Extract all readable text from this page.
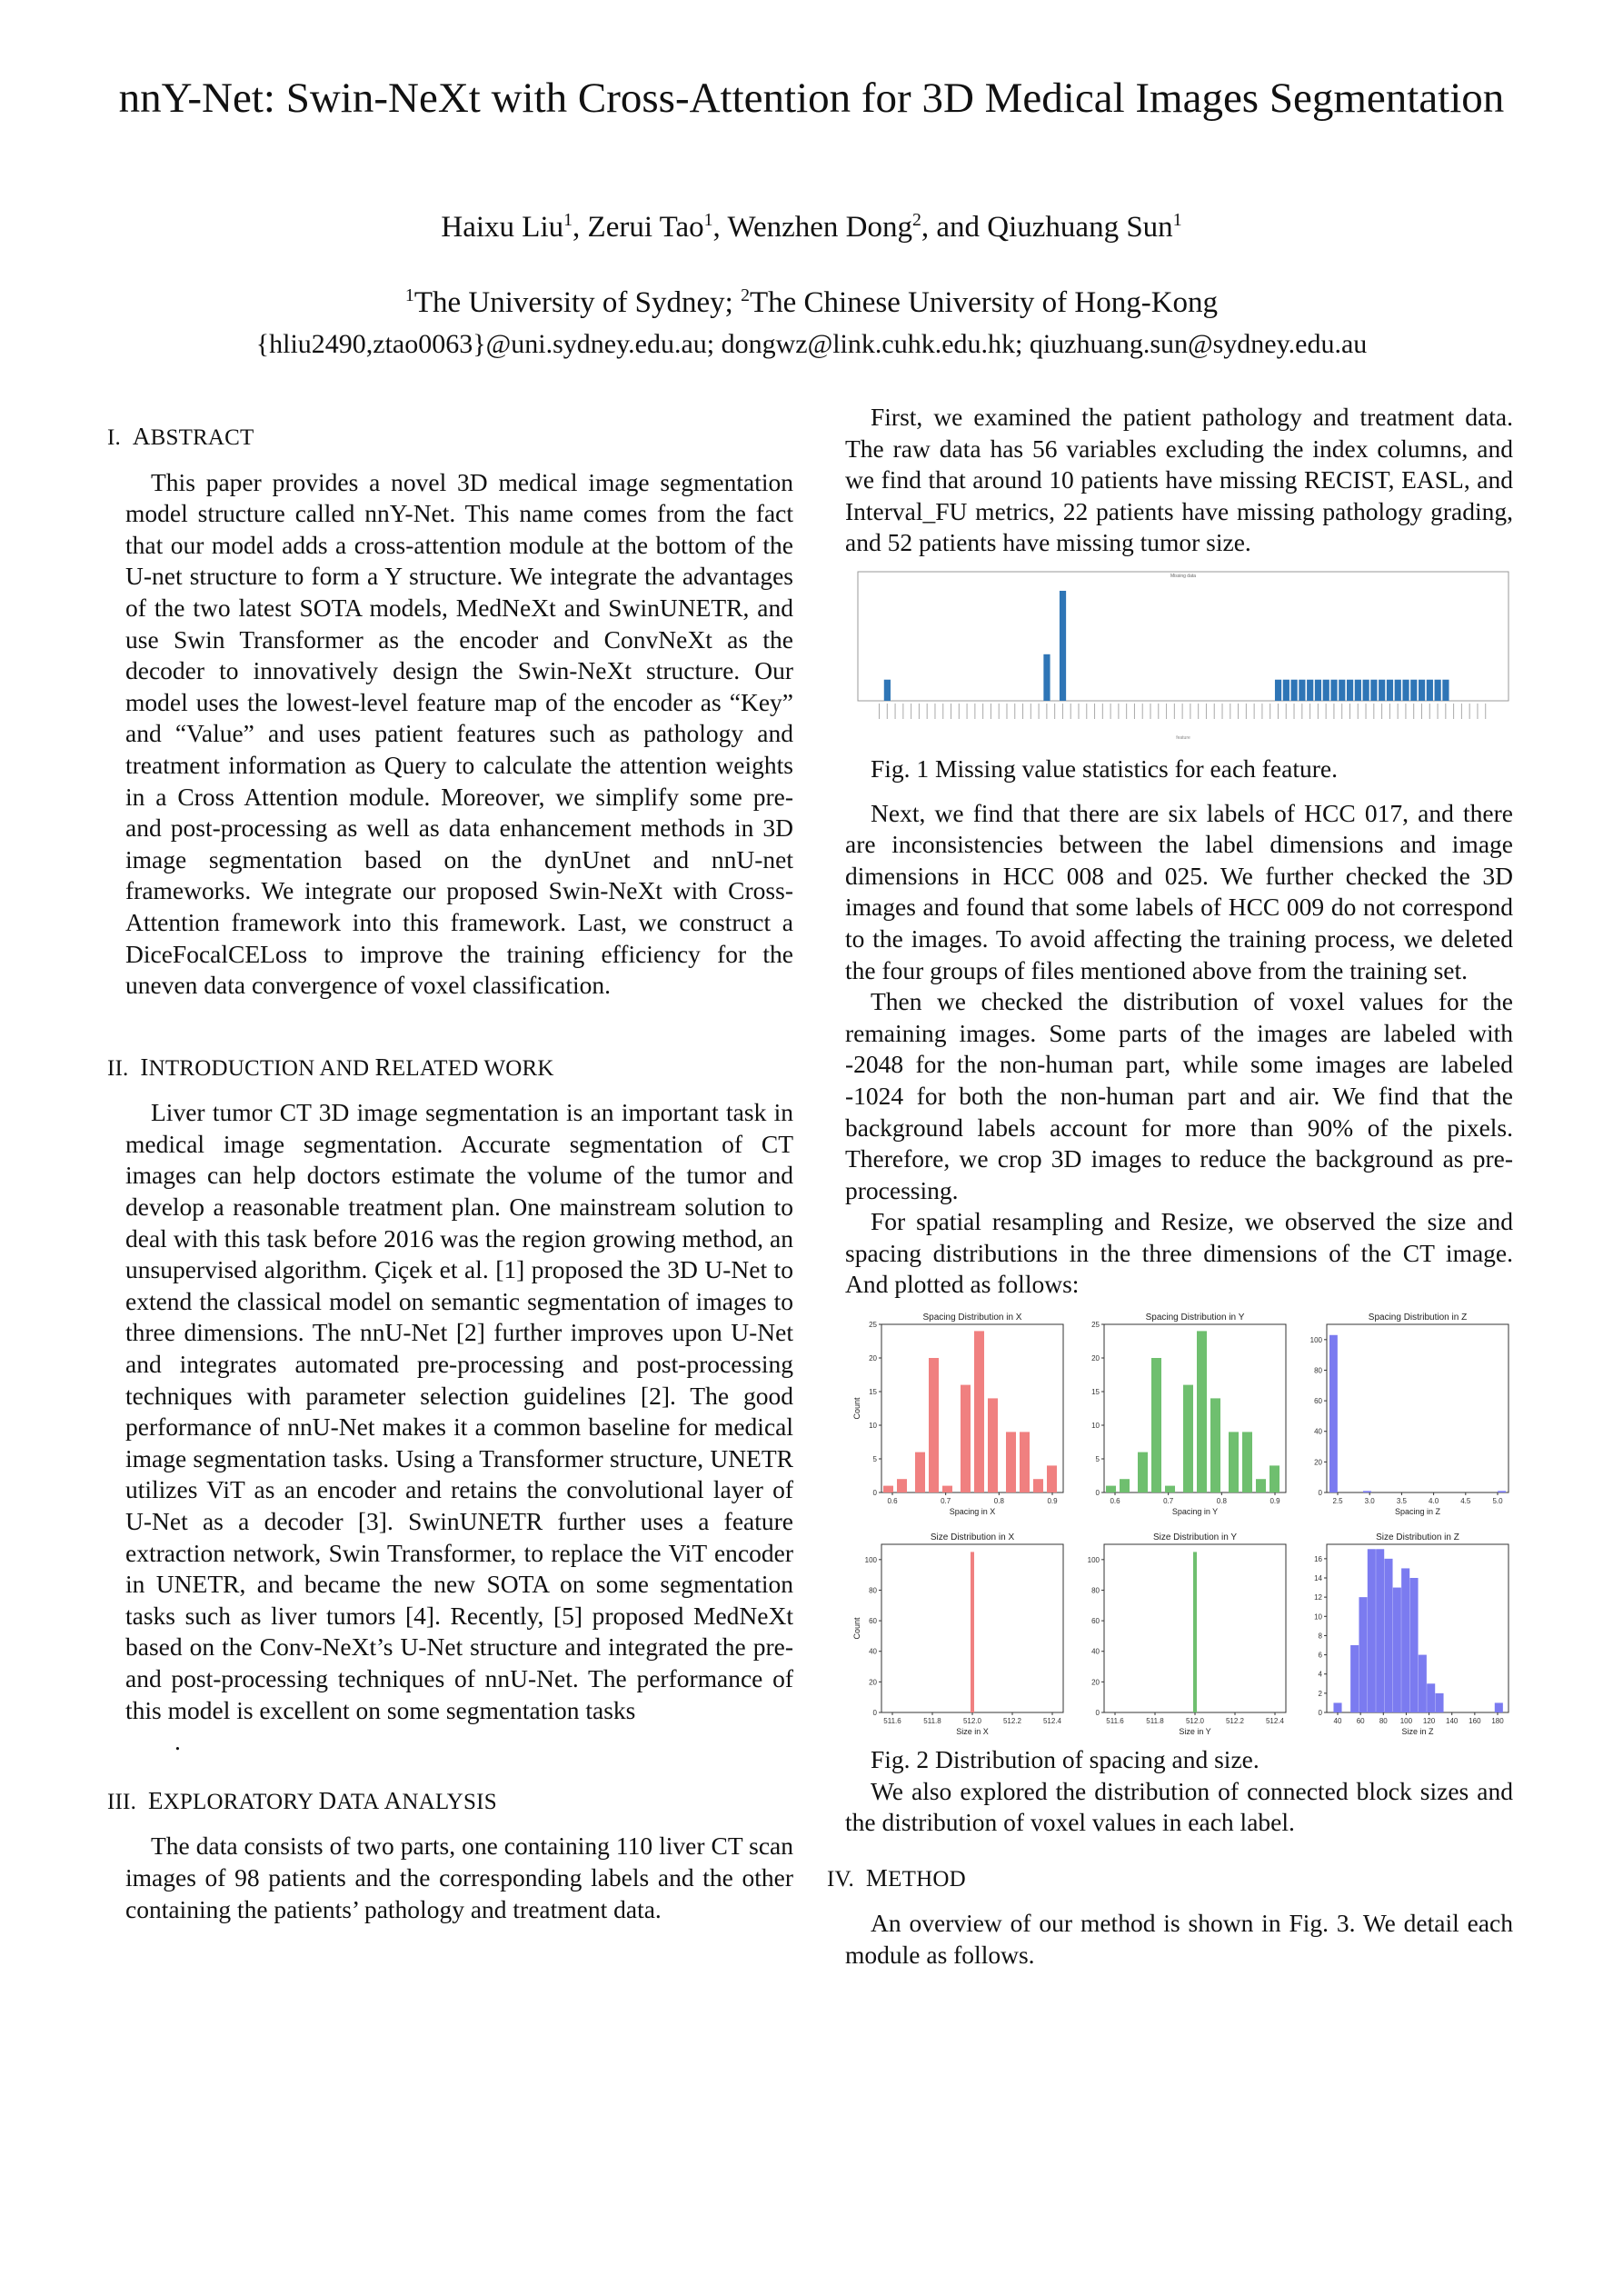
nnY-Net: Swin-NeXt with Cross-Attention for 3D Medical Images Segmentation
Haixu Liu$^1$, Zerui Tao$^1$, Wenzhen Dong$^2$, and Qiuzhuang Sun$^1$
$^1$The University of Sydney; $^2$The Chinese University of Hong-Kong
{hliu2490,ztao0063}@uni.sydney.edu.au; dongwz@link.cuhk.edu.hk; qiuzhuang.sun@sydney.edu.au
I. ABSTRACT

This paper provides a novel 3D medical image segmentation model structure called nnY-Net. This name comes from the fact that our model adds a cross-attention module at the bottom of the U-net structure to form a Y structure. We integrate the advantages of the two latest SOTA models, MedNeXt and SwinUNETR, and use Swin Transformer as the encoder and ConvNeXt as the decoder to innovatively design the Swin-NeXt structure. Our model uses the lowest-level feature map of the encoder as “Key” and “Value” and uses patient features such as pathology and treatment information as Query to calculate the attention weights in a Cross Attention module. Moreover, we simplify some pre- and post-processing as well as data enhancement methods in 3D image segmentation based on the dynUnet and nnU-net frameworks. We integrate our proposed Swin-NeXt with Cross-Attention framework into this framework. Last, we construct a DiceFocalCELoss to improve the training efficiency for the uneven data convergence of voxel classification.

II. INTRODUCTION AND RELATED WORK

Liver tumor CT 3D image segmentation is an important task in medical image segmentation. Accurate segmentation of CT images can help doctors estimate the volume of the tumor and develop a reasonable treatment plan. One mainstream solution to deal with this task before 2016 was the region growing method, an unsupervised algorithm. Çiçek et al. [1] proposed the 3D U-Net to extend the classical model on semantic segmentation of images to three dimensions. The nnU-Net [2] further improves upon U-Net and integrates automated pre-processing and post-processing techniques with parameter selection guidelines [2]. The good performance of nnU-Net makes it a common baseline for medical image segmentation tasks. Using a Transformer structure, UNETR utilizes ViT as an encoder and retains the convolutional layer of U-Net as a decoder [3]. SwinUNETR further uses a feature extraction network, Swin Transformer, to replace the ViT encoder in UNETR, and became the new SOTA on some segmentation tasks such as liver tumors [4]. Recently, [5] proposed MedNeXt based on the Conv-NeXt’s U-Net structure and integrated the pre- and post-processing techniques of nnU-Net. The performance of this model is excellent on some segmentation tasks

.

III. EXPLORATORY DATA ANALYSIS

The data consists of two parts, one containing 110 liver CT scan images of 98 patients and the corresponding labels and the other containing the patients’ pathology and treatment data.

First, we examined the patient pathology and treatment data. The raw data has 56 variables excluding the index columns, and we find that around 10 patients have missing RECIST, EASL, and Interval_FU metrics, 22 patients have missing pathology grading, and 52 patients have missing tumor size.

Missing data
feature

Fig. 1 Missing value statistics for each feature.

Next, we find that there are six labels of HCC 017, and there are inconsistencies between the label dimensions and image dimensions in HCC 008 and 025. We further checked the 3D images and found that some labels of HCC 009 do not correspond to the images. To avoid affecting the training process, we deleted the four groups of files mentioned above from the training set.

Then we checked the distribution of voxel values for the remaining images. Some parts of the images are labeled with -2048 for the non-human part, while some images are labeled -1024 for both the non-human part and air. We find that the background labels account for more than 90% of the pixels. Therefore, we crop 3D images to reduce the background as pre-processing.

For spatial resampling and Resize, we observed the size and spacing distributions in the three dimensions of the CT image. And plotted as follows:

Spacing Distribution in X
Spacing in X
Count
0
5
10
15
20
25
0.6	0.7	0.8	0.9
Spacing Distribution in Y
Spacing in Y
0
5
10
15
20
25
0.6	0.7	0.8	0.9
Spacing Distribution in Z
Spacing in Z
0
20
40
60
80
100
2.5	3.0	3.5	4.0	4.5	5.0
Size Distribution in X
Size in X
Count
0
20
40
60
80
100
511.6	511.8	512.0	512.2	512.4
Size Distribution in Y
Size in Y
0
20
40
60
80
100
511.6	511.8	512.0	512.2	512.4
Size Distribution in Z
Size in Z
0
2
4
6
8
10
12
14
16
40 60 80 100 120 140 160 180

Fig. 2 Distribution of spacing and size.

We also explored the distribution of connected block sizes and the distribution of voxel values in each label.

IV. METHOD

An overview of our method is shown in Fig. 3. We detail each module as follows.
